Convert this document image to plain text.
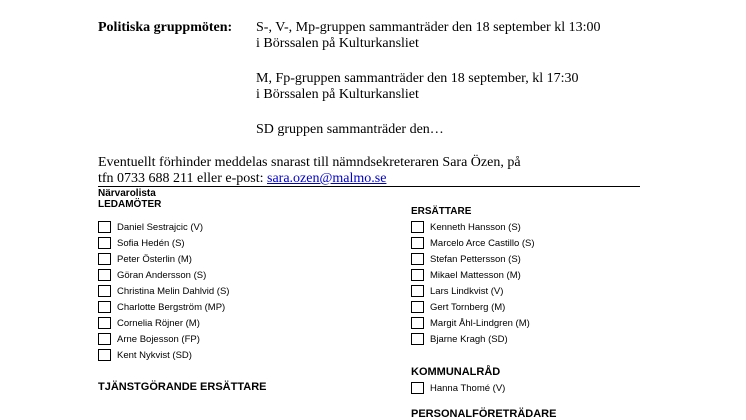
Politiska gruppmöten: S-, V-, Mp-gruppen sammanträder den 18 september kl 13:00
i Börssalen på Kulturkansliet
M, Fp-gruppen sammanträder den 18 september, kl 17:30
i Börssalen på Kulturkansliet
SD gruppen sammanträder den…
Eventuellt förhinder meddelas snarast till nämndsekreteraren Sara Özen, på
tfn 0733 688 211 eller e-post: sara.ozen@malmo.se
Närvarolista
LEDAMÖTER
Daniel Sestrajcic (V)
Sofia Hedén (S)
Peter Österlin (M)
Göran Andersson (S)
Christina Melin Dahlvid (S)
Charlotte Bergström (MP)
Cornelia Röjner (M)
Arne Bojesson (FP)
Kent Nykvist (SD)
TJÄNSTGÖRANDE ERSÄTTARE
ERSÄTTARE
Kenneth Hansson (S)
Marcelo Arce Castillo (S)
Stefan Pettersson (S)
Mikael Mattesson (M)
Lars Lindkvist (V)
Gert Tornberg (M)
Margit Åhl-Lindgren (M)
Bjarne Kragh (SD)
KOMMUNALRÅD
Hanna Thomé (V)
PERSONALFÖRETRÄDARE
